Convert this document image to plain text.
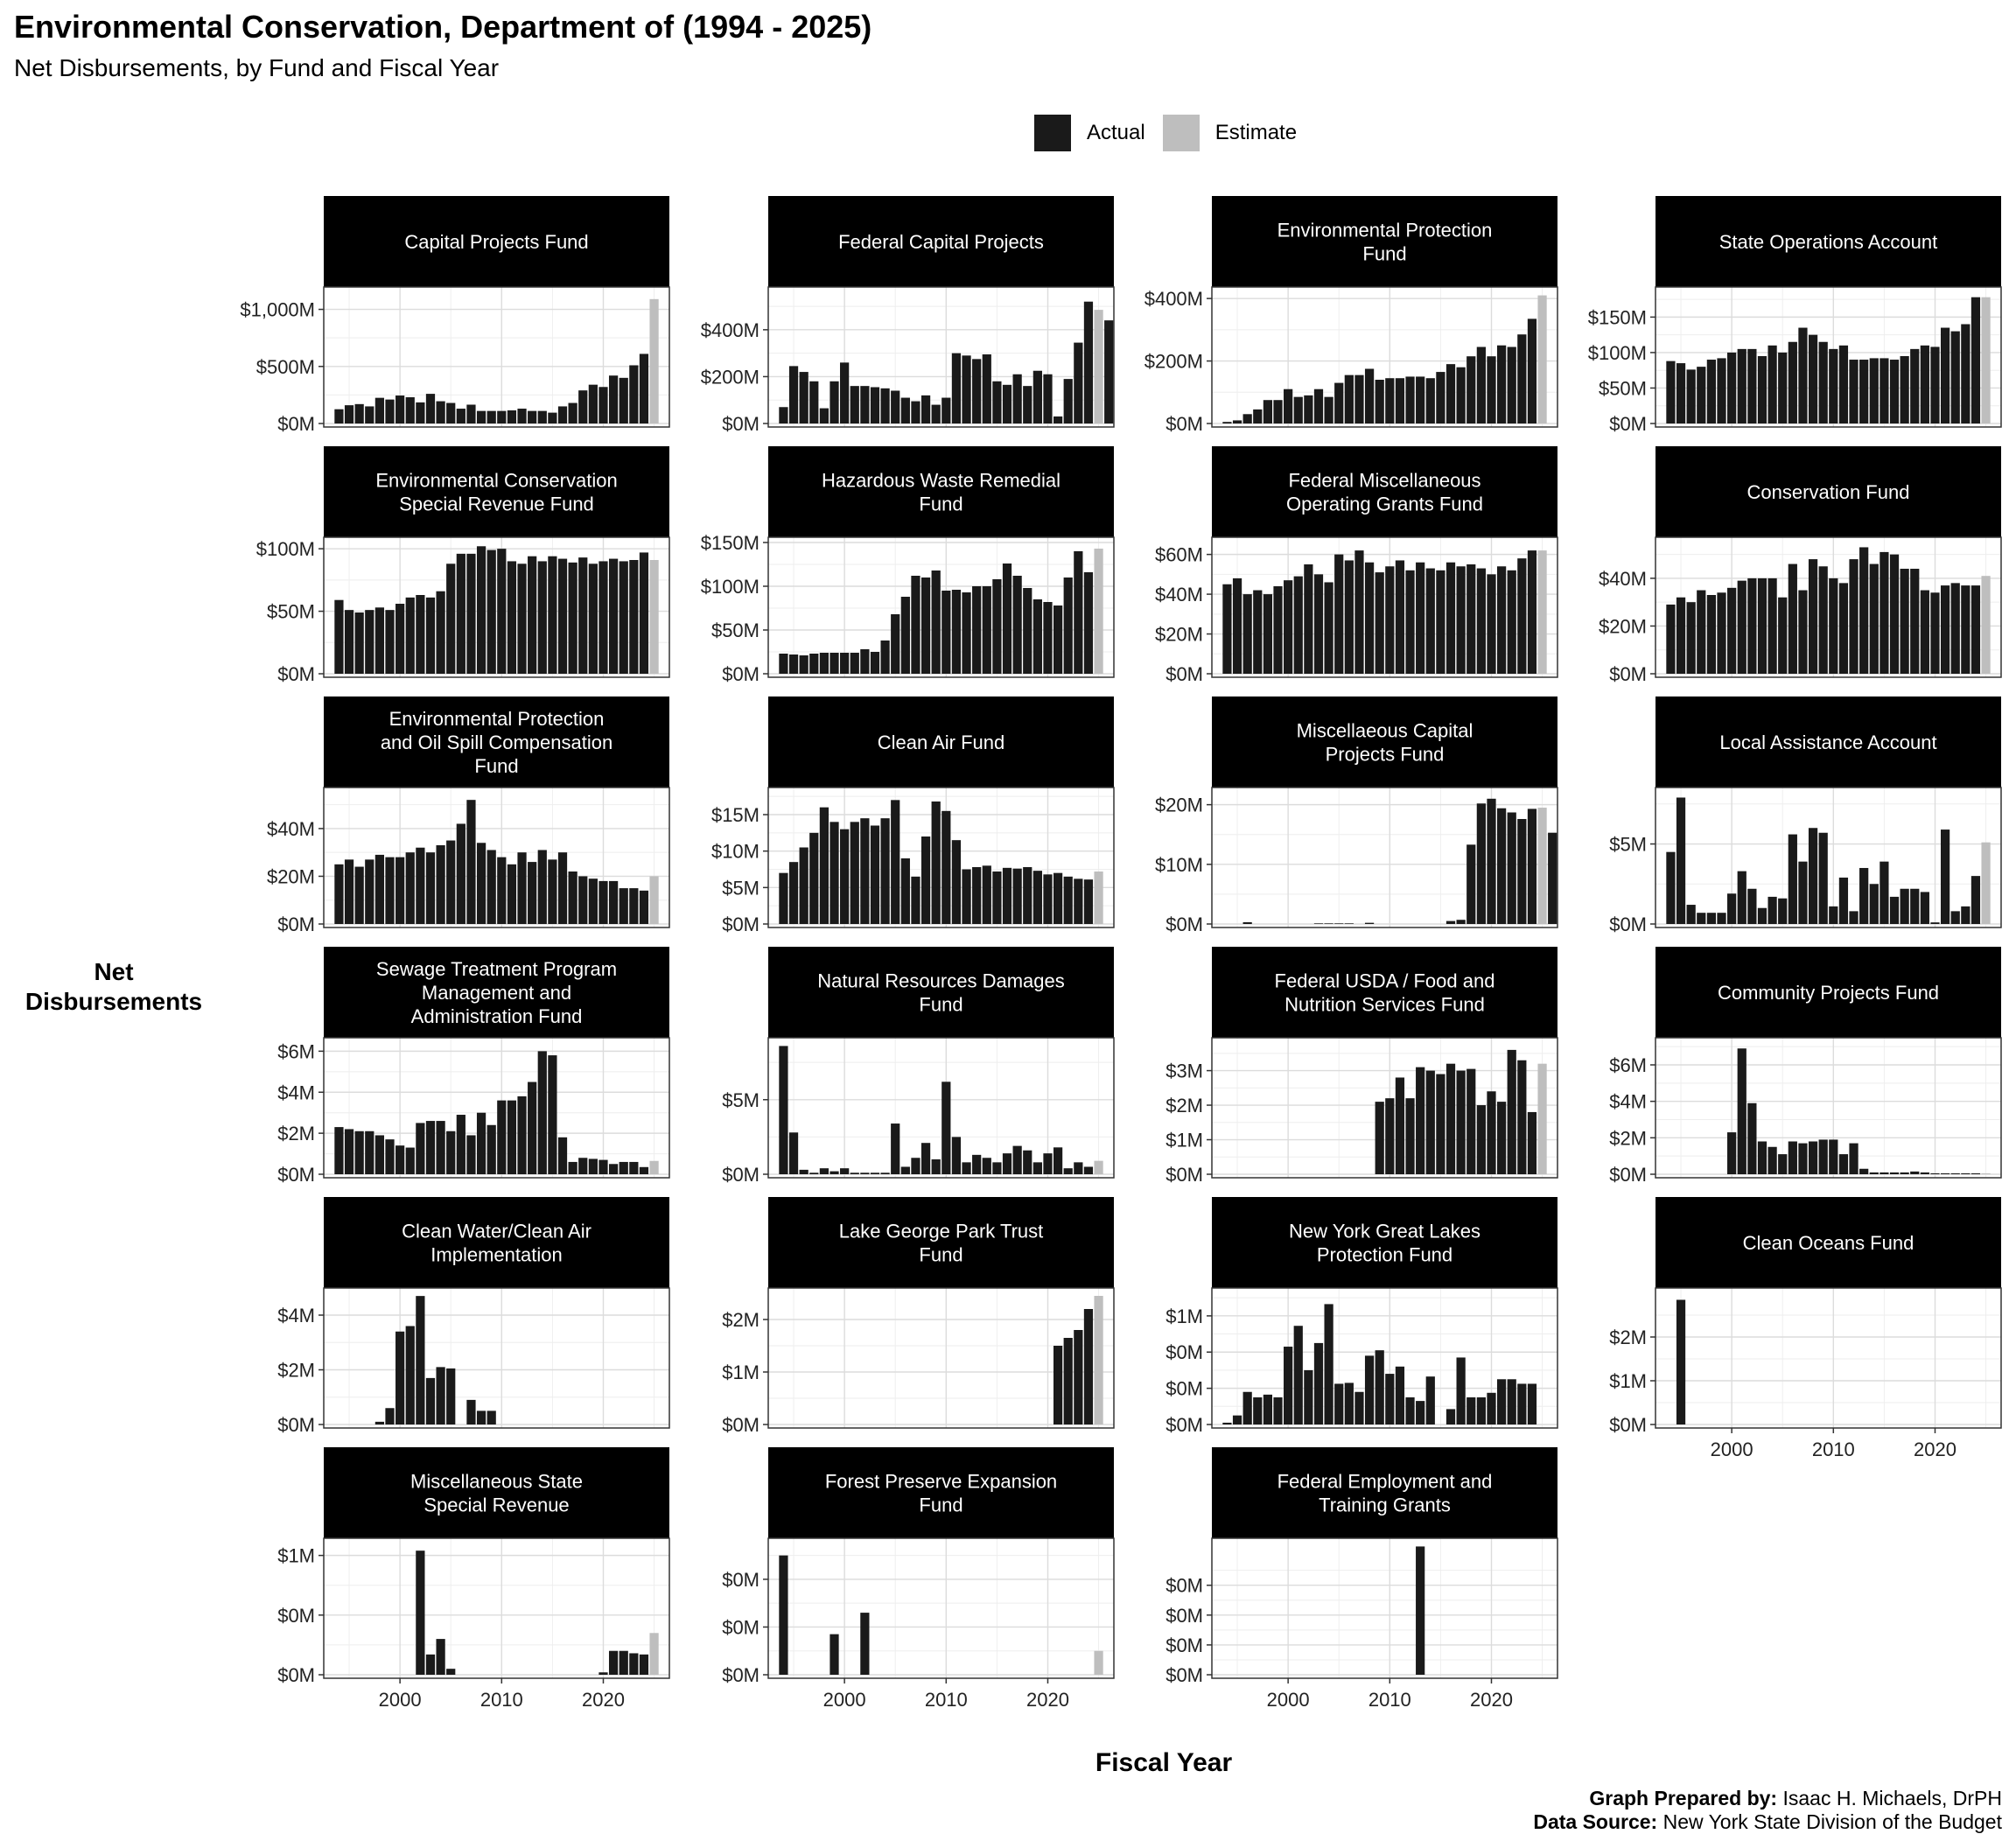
Environmental Conservation, Department of (1994 - 2025)
Net Disbursements, by Fund and Fiscal Year
Actual	Estimate
Net Disbursements
Fiscal Year
Graph Prepared by: Isaac H. Michaels, DrPH
Data Source: New York State Division of the Budget
Capital Projects Fund
$0M
$500M
$1,000M
Federal Capital Projects
$0M
$200M
$400M
Environmental Protection
Fund
$0M
$200M
$400M
State Operations Account
$0M
$50M
$100M
$150M
Environmental Conservation
Special Revenue Fund
$0M
$50M
$100M
Hazardous Waste Remedial
Fund
$0M
$50M
$100M
$150M
Federal Miscellaneous
Operating Grants Fund
$0M
$20M
$40M
$60M
Conservation Fund
$0M
$20M
$40M
Environmental Protection
and Oil Spill Compensation
Fund
$0M
$20M
$40M
Clean Air Fund
$0M
$5M
$10M
$15M
Miscellaeous Capital
Projects Fund
$0M
$10M
$20M
Local Assistance Account
$0M
$5M
Sewage Treatment Program
Management and
Administration Fund
$0M
$2M
$4M
$6M
Natural Resources Damages
Fund
$0M
$5M
Federal USDA / Food and
Nutrition Services Fund
$0M
$1M
$2M
$3M
Community Projects Fund
$0M
$2M
$4M
$6M
Clean Water/Clean Air
Implementation
$0M
$2M
$4M
Lake George Park Trust
Fund
$0M
$1M
$2M
New York Great Lakes
Protection Fund
$0M
$0M
$0M
$1M
Clean Oceans Fund
$0M
$1M
$2M
2000	2010	2020
Miscellaneous State
Special Revenue
$0M
$0M
$1M
2000	2010	2020
Forest Preserve Expansion
Fund
$0M
$0M
$0M
2000	2010	2020
Federal Employment and
Training Grants
$0M
$0M
$0M
$0M
2000	2010	2020
